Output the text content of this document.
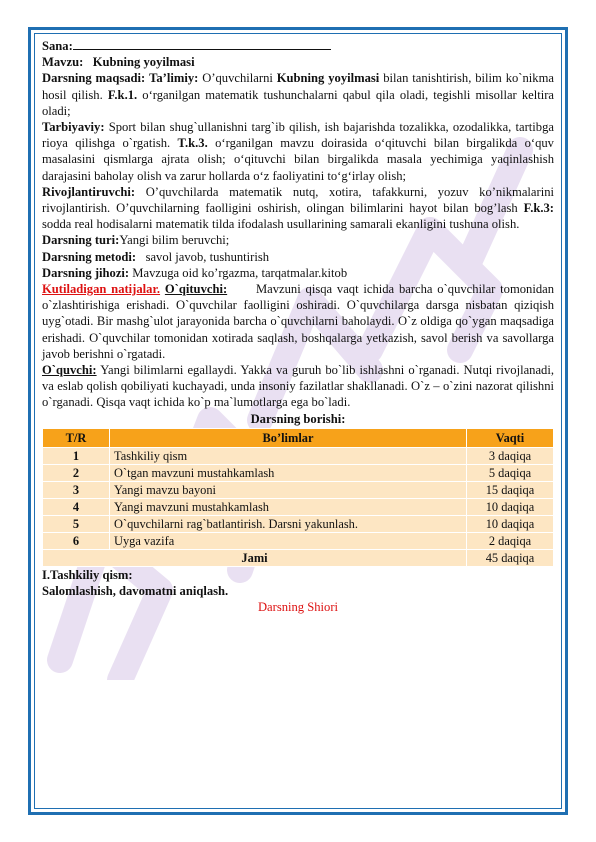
Sana:

Mavzu: Kubning yoyilmasi

Darsning maqsadi: Ta’limiy: O’quvchilarni Kubning yoyilmasi bilan tanishtirish, bilim ko`nikma hosil qilish. F.k.1. o‘rganilgan matematik tushunchalarni qabul qila oladi, tegishli misollar keltira oladi;

Tarbiyaviy: Sport bilan shug`ullanishni targ`ib qilish, ish bajarishda tozalikka, ozodalikka, tartibga rioya qilishga o`rgatish. T.k.3. o‘rganilgan mavzu doirasida o‘qituvchi bilan birgalikda o‘quv masalasini qismlarga ajrata olish; o‘qituvchi bilan birgalikda masala yechimiga yaqinlashish darajasini baholay olish va zarur hollarda o‘z faoliyatini to‘g‘irlay olish;

Rivojlantiruvchi: O’quvchilarda matematik nutq, xotira, tafakkurni, yozuv ko’nikmalarini rivojlantirish. O’quvchilarning faolligini oshirish, olingan bilimlarini hayot bilan bog’lash F.k.3: sodda real hodisalarni matematik tilda ifodalash usullarining samarali ekanligini tushuna olish.

Darsning turi:Yangi bilim beruvchi;

Darsning metodi: savol javob, tushuntirish

Darsning jihozi: Mavzuga oid ko’rgazma, tarqatmalar.kitob

Kutiladigan natijalar. O`qituvchi: Mavzuni qisqa vaqt ichida barcha o`quvchilar tomonidan o`zlashtirishiga erishadi. O`quvchilar faolligini oshiradi. O`quvchilarga darsga nisbatan qiziqish uyg`otadi. Bir mashg`ulot jarayonida barcha o`quvchilarni baholaydi. O`z oldiga qo`ygan maqsadiga erishadi. O`quvchilar tomonidan xotirada saqlash, boshqalarga yetkazish, savol berish va savollarga javob berishni o`rgatadi.

O`quvchi: Yangi bilimlarni egallaydi. Yakka va guruh bo`lib ishlashni o`rganadi. Nutqi rivojlanadi, va eslab qolish qobiliyati kuchayadi, unda insoniy fazilatlar shakllanadi. O`z – o`zini nazorat qilishni o`rganadi. Qisqa vaqt ichida ko`p ma`lumotlarga ega bo`ladi.

Darsning borishi:

T/R	Bo’limlar	Vaqti
1	Tashkiliy qism	3 daqiqa
2	O`tgan mavzuni mustahkamlash	5 daqiqa
3	Yangi mavzu bayoni	15 daqiqa
4	Yangi mavzuni mustahkamlash	10 daqiqa
5	O`quvchilarni rag`batlantirish. Darsni yakunlash.	10 daqiqa
6	Uyga vazifa	2 daqiqa
Jami		45 daqiqa

I.Tashkiliy qism:

Salomlashish, davomatni aniqlash.

Darsning Shiori
